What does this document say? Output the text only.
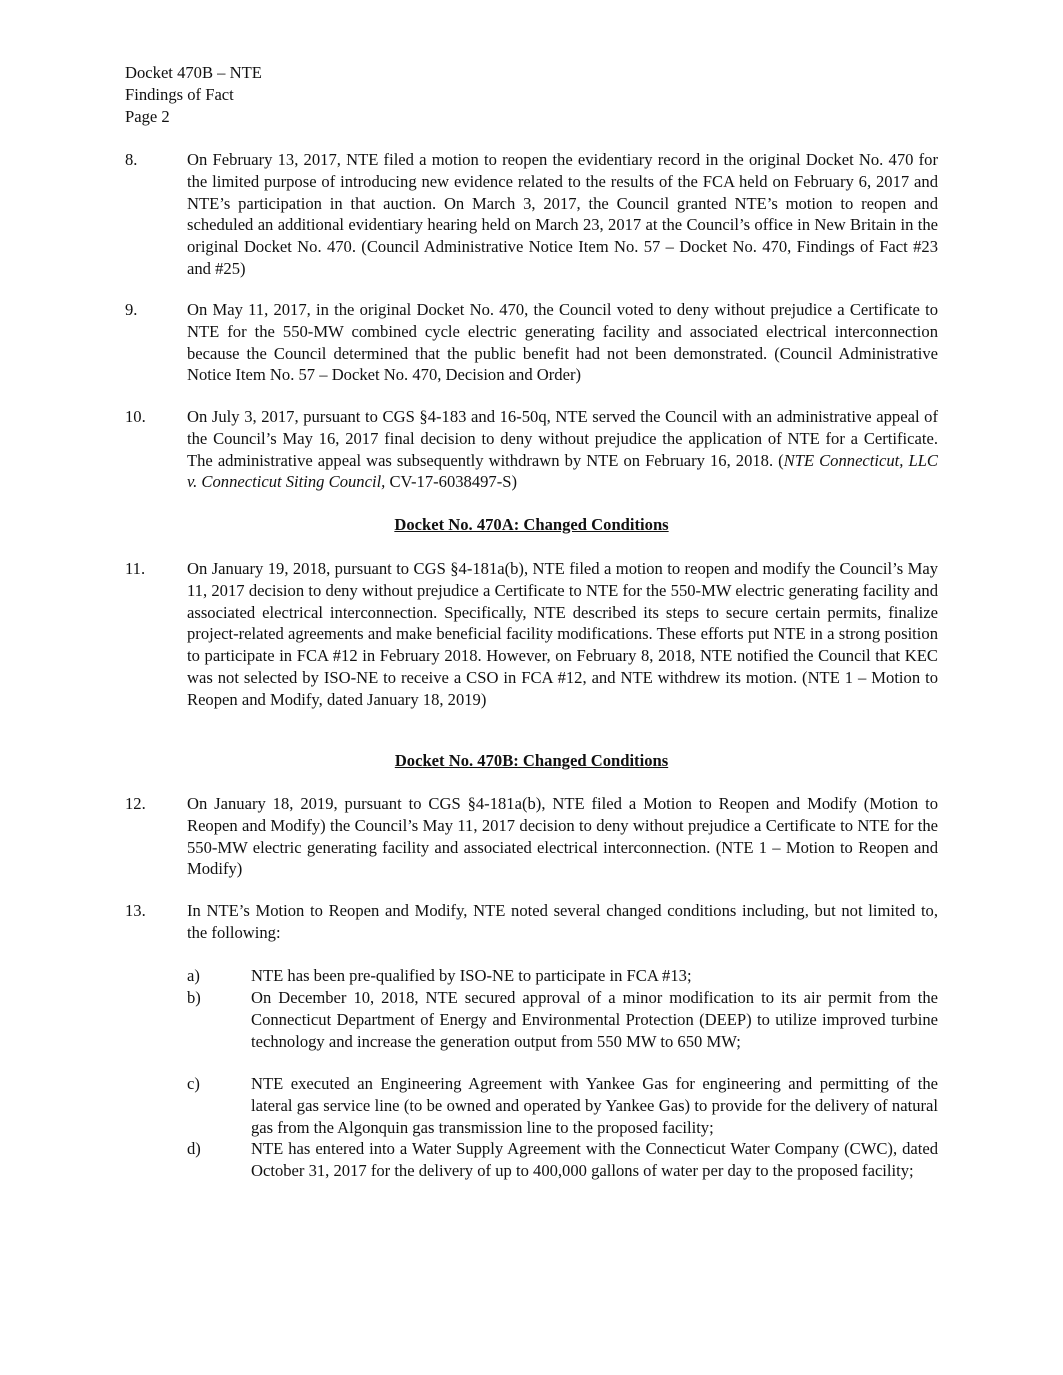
Docket 470B – NTE
Findings of Fact
Page 2
8.	On February 13, 2017, NTE filed a motion to reopen the evidentiary record in the original Docket No. 470 for the limited purpose of introducing new evidence related to the results of the FCA held on February 6, 2017 and NTE’s participation in that auction. On March 3, 2017, the Council granted NTE’s motion to reopen and scheduled an additional evidentiary hearing held on March 23, 2017 at the Council’s office in New Britain in the original Docket No. 470. (Council Administrative Notice Item No. 57 – Docket No. 470, Findings of Fact #23 and #25)
9.	On May 11, 2017, in the original Docket No. 470, the Council voted to deny without prejudice a Certificate to NTE for the 550-MW combined cycle electric generating facility and associated electrical interconnection because the Council determined that the public benefit had not been demonstrated. (Council Administrative Notice Item No. 57 – Docket No. 470, Decision and Order)
10. On July 3, 2017, pursuant to CGS §4-183 and 16-50q, NTE served the Council with an administrative appeal of the Council’s May 16, 2017 final decision to deny without prejudice the application of NTE for a Certificate. The administrative appeal was subsequently withdrawn by NTE on February 16, 2018. (NTE Connecticut, LLC v. Connecticut Siting Council, CV-17-6038497-S)
Docket No. 470A: Changed Conditions
11.	On January 19, 2018, pursuant to CGS §4-181a(b), NTE filed a motion to reopen and modify the Council’s May 11, 2017 decision to deny without prejudice a Certificate to NTE for the 550-MW electric generating facility and associated electrical interconnection. Specifically, NTE described its steps to secure certain permits, finalize project-related agreements and make beneficial facility modifications. These efforts put NTE in a strong position to participate in FCA #12 in February 2018. However, on February 8, 2018, NTE notified the Council that KEC was not selected by ISO-NE to receive a CSO in FCA #12, and NTE withdrew its motion. (NTE 1 – Motion to Reopen and Modify, dated January 18, 2019)
Docket No. 470B: Changed Conditions
12. On January 18, 2019, pursuant to CGS §4-181a(b), NTE filed a Motion to Reopen and Modify (Motion to Reopen and Modify) the Council’s May 11, 2017 decision to deny without prejudice a Certificate to NTE for the 550-MW electric generating facility and associated electrical interconnection. (NTE 1 – Motion to Reopen and Modify)
13. In NTE’s Motion to Reopen and Modify, NTE noted several changed conditions including, but not limited to, the following:
a)	NTE has been pre-qualified by ISO-NE to participate in FCA #13;
b)	On December 10, 2018, NTE secured approval of a minor modification to its air permit from the Connecticut Department of Energy and Environmental Protection (DEEP) to utilize improved turbine technology and increase the generation output from 550 MW to 650 MW;
c)	NTE executed an Engineering Agreement with Yankee Gas for engineering and permitting of the lateral gas service line (to be owned and operated by Yankee Gas) to provide for the delivery of natural gas from the Algonquin gas transmission line to the proposed facility;
d)	NTE has entered into a Water Supply Agreement with the Connecticut Water Company (CWC), dated October 31, 2017 for the delivery of up to 400,000 gallons of water per day to the proposed facility;
